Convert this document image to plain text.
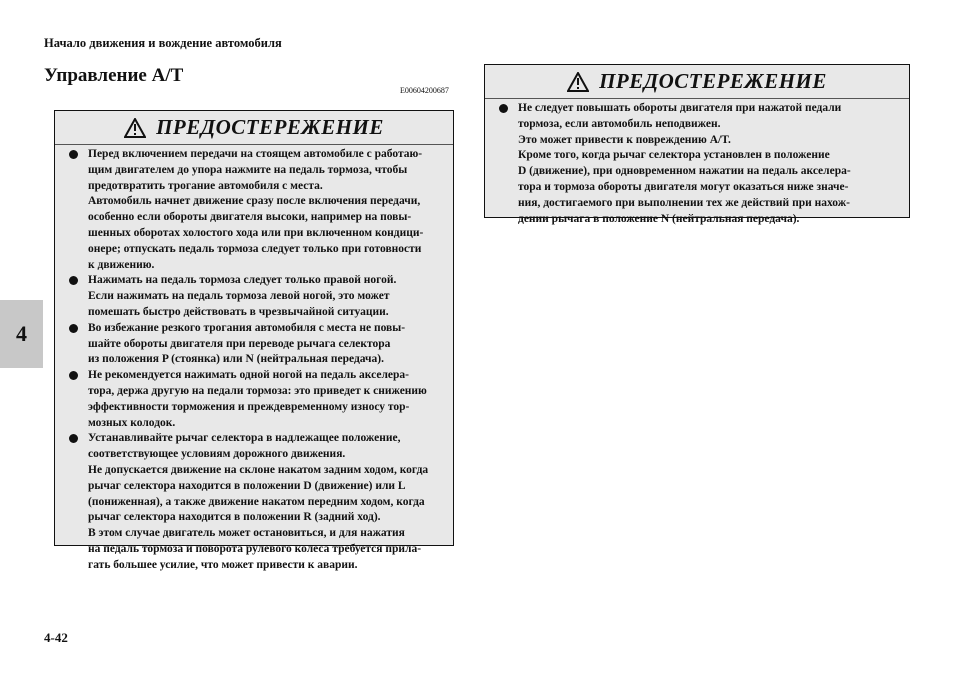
Начало движения и вождение автомобиля
Управление A/T
E00604200687
4
4-42
ПРЕДОСТЕРЕЖЕНИЕ
Перед включением передачи на стоящем автомобиле с работаю-
щим двигателем до упора нажмите на педаль тормоза, чтобы
предотвратить трогание автомобиля с места.
Автомобиль начнет движение сразу после включения передачи,
особенно если обороты двигателя высоки, например на повы-
шенных оборотах холостого хода или при включенном кондици-
онере; отпускать педаль тормоза следует только при готовности
к движению.
Нажимать на педаль тормоза следует только правой ногой.
Если нажимать на педаль тормоза левой ногой, это может
помешать быстро действовать в чрезвычайной ситуации.
Во избежание резкого трогания автомобиля с места не повы-
шайте обороты двигателя при переводе рычага селектора
из положения P (стоянка) или N (нейтральная передача).
Не рекомендуется нажимать одной ногой на педаль акселера-
тора, держа другую на педали тормоза: это приведет к снижению
эффективности торможения и преждевременному износу тор-
мозных колодок.
Устанавливайте рычаг селектора в надлежащее положение,
соответствующее условиям дорожного движения.
Не допускается движение на склоне накатом задним ходом, когда
рычаг селектора находится в положении D (движение) или L
(пониженная), а также движение накатом передним ходом, когда
рычаг селектора находится в положении R (задний ход).
В этом случае двигатель может остановиться, и для нажатия
на педаль тормоза и поворота рулевого колеса требуется прила-
гать большее усилие, что может привести к аварии.
ПРЕДОСТЕРЕЖЕНИЕ
Не следует повышать обороты двигателя при нажатой педали
тормоза, если автомобиль неподвижен.
Это может привести к повреждению A/T.
Кроме того, когда рычаг селектора установлен в положение
D (движение), при одновременном нажатии на педаль акселера-
тора и тормоза обороты двигателя могут оказаться ниже значе-
ния, достигаемого при выполнении тех же действий при нахож-
дении рычага в положение N (нейтральная передача).
